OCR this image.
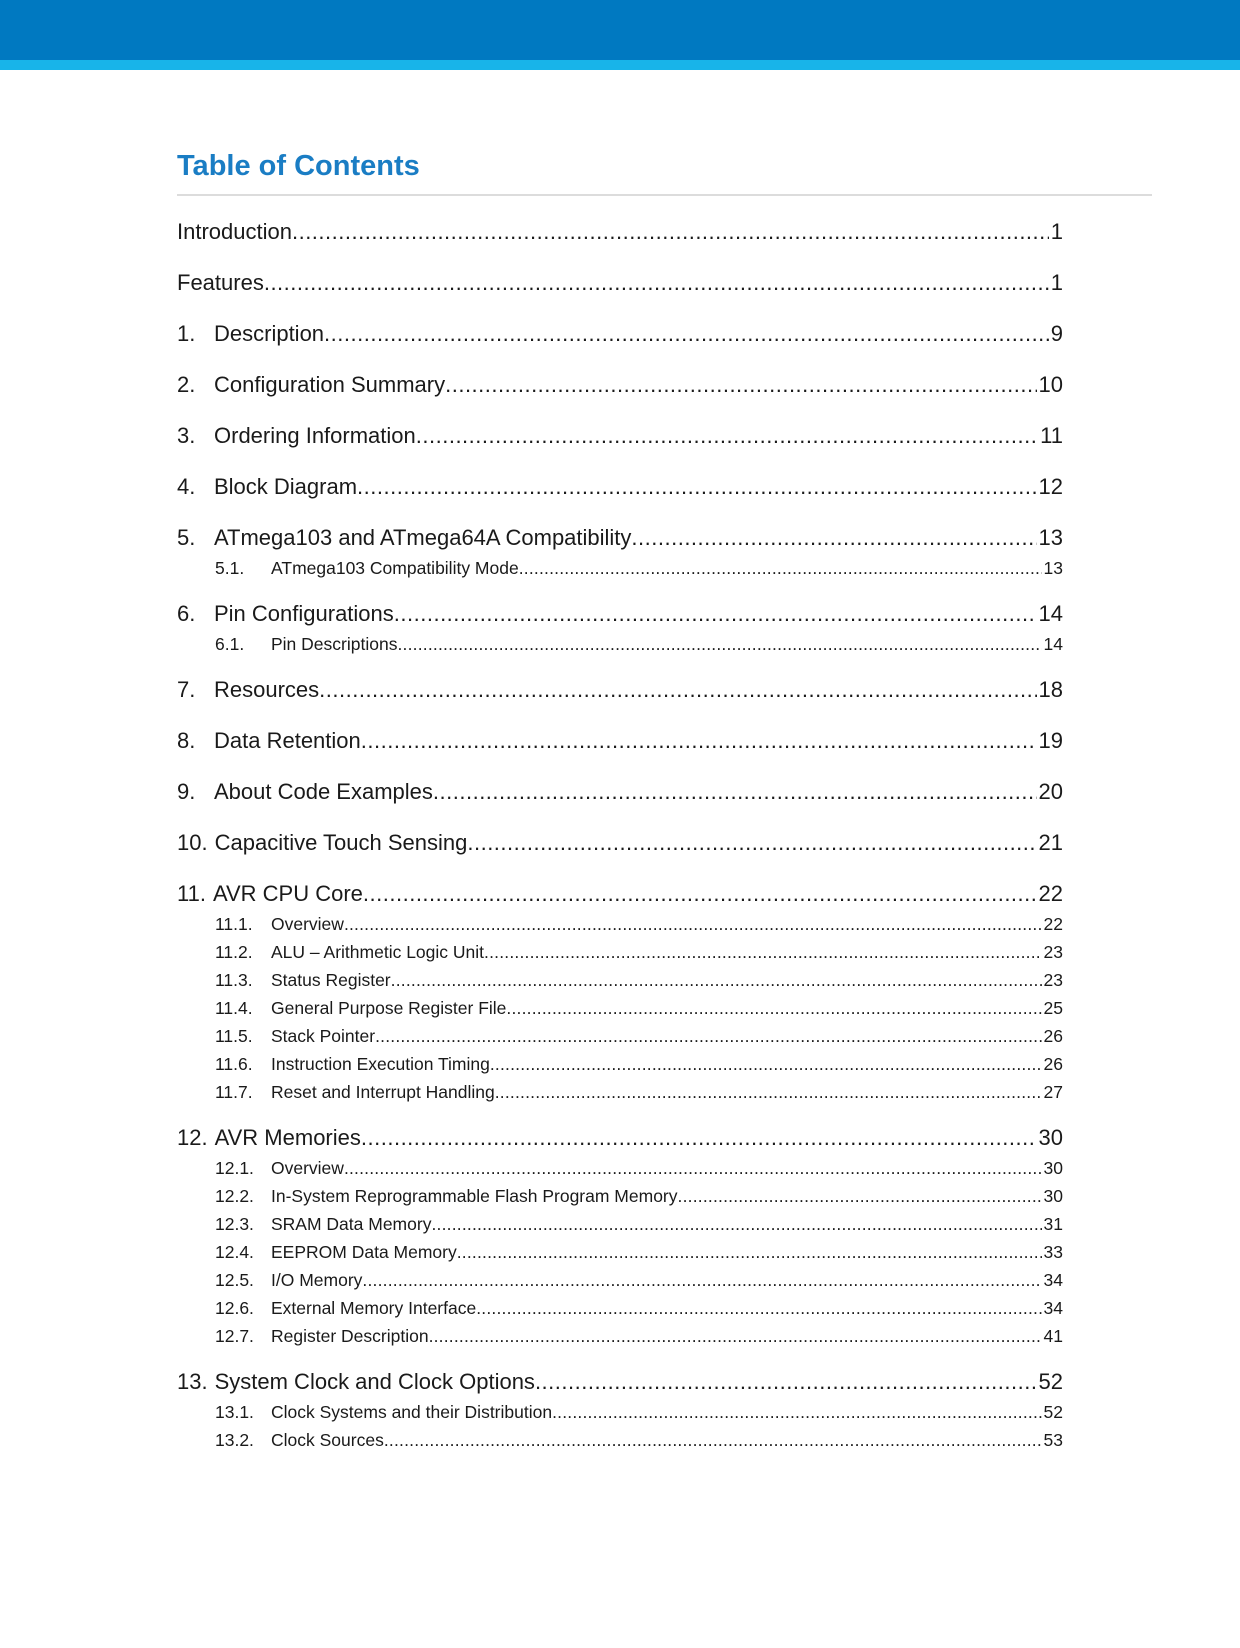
Table of Contents
Introduction .....	1
Features .....	1
1. Description .....	9
2. Configuration Summary .....	10
3. Ordering Information .....	11
4. Block Diagram .....	12
5. ATmega103 and ATmega64A Compatibility .....	13
5.1.	ATmega103 Compatibility Mode .....	13
6. Pin Configurations .....	14
6.1.	Pin Descriptions .....	14
7. Resources .....	18
8. Data Retention .....	19
9. About Code Examples .....	20
10. Capacitive Touch Sensing .....	21
11. AVR CPU Core .....	22
11.1.	Overview .....	22
11.2.	ALU – Arithmetic Logic Unit .....	23
11.3.	Status Register .....	23
11.4.	General Purpose Register File .....	25
11.5.	Stack Pointer .....	26
11.6.	Instruction Execution Timing .....	26
11.7.	Reset and Interrupt Handling .....	27
12. AVR Memories .....	30
12.1. Overview .....	30
12.2. In-System Reprogrammable Flash Program Memory .....	30
12.3. SRAM Data Memory .....	31
12.4. EEPROM Data Memory .....	33
12.5. I/O Memory .....	34
12.6. External Memory Interface .....	34
12.7. Register Description .....	41
13. System Clock and Clock Options .....	52
13.1. Clock Systems and their Distribution .....	52
13.2. Clock Sources .....	53
